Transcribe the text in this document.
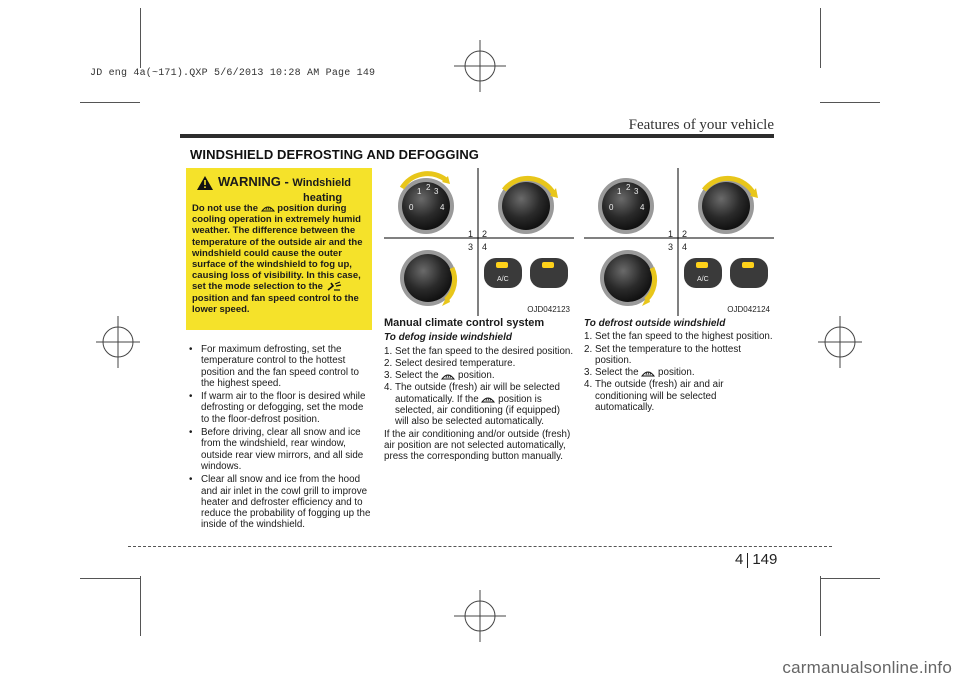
JD eng 4a(~171).QXP 5/6/2013 10:28 AM Page 149
Features of your vehicle
WINDSHIELD DEFROSTING AND DEFOGGING
WARNING - Windshield
heating
Do not use the position during cooling operation in extremely humid weather. The difference between the temperature of the outside air and the windshield could cause the outer surface of the windshield to fog up, causing loss of visibility. In this case, set the mode selection to the  position and fan speed control to the lower speed.
• For maximum defrosting, set the temperature control to the hottest position and the fan speed control to the highest speed.
• If warm air to the floor is desired while defrosting or defogging, set the mode to the floor-defrost position.
• Before driving, clear all snow and ice from the windshield, rear window, outside rear view mirrors, and all side windows.
• Clear all snow and ice from the hood and air inlet in the cowl grill to improve heater and defroster efficiency and to reduce the probability of fogging up the inside of the windshield.
0
1 2 3
4
1 2
3 4
A/C
OJD042123
0
1 2 3
4
1 2
3 4
A/C
OJD042124
Manual climate control system
To defog inside windshield
1. Set the fan speed to the desired position.
2. Select desired temperature.
3. Select the position.
4. The outside (fresh) air will be selected automatically. If the position is selected, air conditioning (if equipped) will also be selected automatically.
If the air conditioning and/or outside (fresh) air position are not selected automatically, press the corresponding button manually.
To defrost outside windshield
1. Set the fan speed to the highest position.
2. Set the temperature to the hottest position.
3. Select the position.
4. The outside (fresh) air and air conditioning will be selected automatically.
4 149
carmanualsonline.info
